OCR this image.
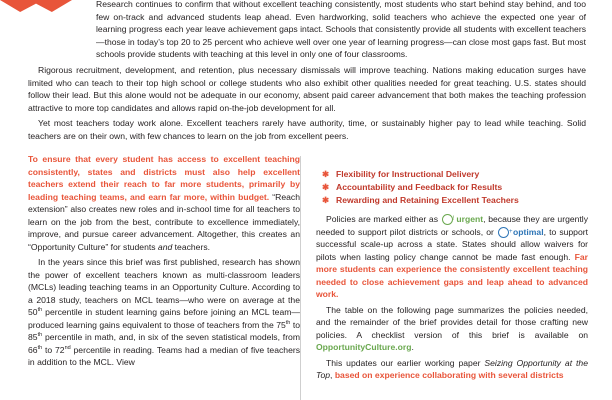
Research continues to confirm that without excellent teaching consistently, most students who start behind stay behind, and too few on-track and advanced students leap ahead. Even hardworking, solid teachers who achieve the expected one year of learning progress each year leave achievement gaps intact. Schools that consistently provide all students with excellent teachers—those in today’s top 20 to 25 percent who achieve well over one year of learning progress—can close most gaps fast. But most schools provide students with teaching at this level in only one of four classrooms.

Rigorous recruitment, development, and retention, plus necessary dismissals will improve teaching. Nations making education surges have limited who can teach to their top high school or college students who also exhibit other qualities needed for great teaching. U.S. states should follow their lead. But this alone would not be adequate in our economy, absent paid career advancement that both makes the teaching profession attractive to more top candidates and allows rapid on-the-job development for all.

Yet most teachers today work alone. Excellent teachers rarely have authority, time, or sustainably higher pay to lead while teaching. Solid teachers are on their own, with few chances to learn on the job from excellent peers.

To ensure that every student has access to excellent teaching consistently, states and districts must also help excellent teachers extend their reach to far more students, primarily by leading teaching teams, and earn far more, within budget. “Reach extension” also creates new roles and in-school time for all teachers to learn on the job from the best, contribute to excellence immediately, improve, and pursue career advancement. Altogether, this creates an “Opportunity Culture” for students and teachers.

In the years since this brief was first published, research has shown the power of excellent teachers known as multi-classroom leaders (MCLs) leading teaching teams in an Opportunity Culture. According to a 2018 study, teachers on MCL teams—who were on average at the 50th percentile in student learning gains before joining an MCL team—produced learning gains equivalent to those of teachers from the 75th to 85th percentile in math, and, in six of the seven statistical models, from 66th to 72nd percentile in reading. Teams had a median of five teachers in addition to the MCL. View

✱ Flexibility for Instructional Delivery
✱ Accountability and Feedback for Results
✱ Rewarding and Retaining Excellent Teachers

Policies are marked either as ! urgent, because they are urgently needed to support pilot districts or schools, or + optimal, to support successful scale-up across a state. States should allow waivers for pilots when lasting policy change cannot be made fast enough. Far more students can experience the consistently excellent teaching needed to close achievement gaps and leap ahead to advanced work.

The table on the following page summarizes the policies needed, and the remainder of the brief provides detail for those crafting new policies. A checklist version of this brief is available on OpportunityCulture.org.

This updates our earlier working paper Seizing Opportunity at the Top, based on experience collaborating with several districts
